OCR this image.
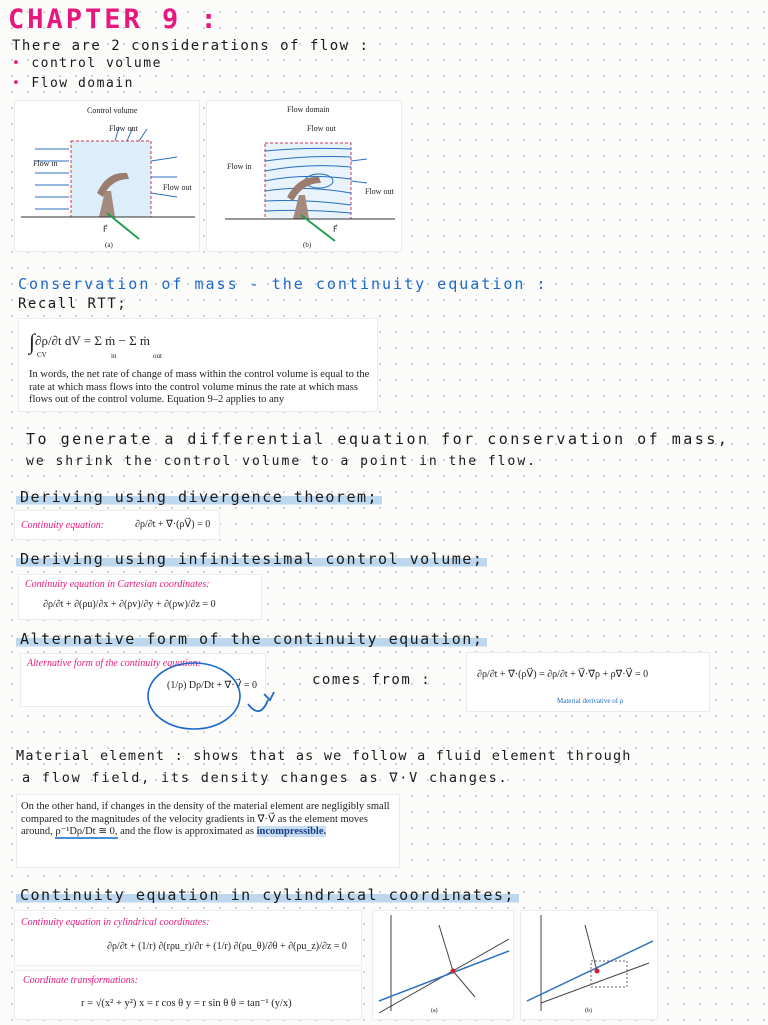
CHAPTER 9 :
There are 2 considerations of flow :
• control volume
• Flow domain
Control volume
Flow out
Flow in
Flow out
F⃗
(a)
Flow domain
Flow out
Flow in
Flow out
F⃗
(b)
Conservation of mass - the continuity equation :
Recall RTT;
∫∂ρ/∂t dV = Σ ṁ − Σ ṁ
CV	in	out
In words, the net rate of change of mass within the control volume is equal to the rate at which mass flows into the control volume minus the rate at which mass flows out of the control volume. Equation 9–2 applies to any
To generate a differential equation for conservation of mass,
we shrink the control volume to a point in the flow.
Deriving using divergence theorem;
Continuity equation:	∂ρ/∂t + ∇⃗·(ρV⃗) = 0
Deriving using infinitesimal control volume;
Continuity equation in Cartesian coordinates:
∂ρ/∂t + ∂(ρu)/∂x + ∂(ρv)/∂y + ∂(ρw)/∂z = 0
Alternative form of the continuity equation;
Alternative form of the continuity equation:
(1/ρ) Dρ/Dt + ∇⃗·V⃗ = 0	comes from :	∂ρ/∂t + ∇⃗·(ρV⃗) = ∂ρ/∂t + V⃗·∇⃗ρ + ρ∇⃗·V⃗ = 0
Material derivative of ρ
Material element : shows that as we follow a fluid element through
a flow field, its density changes as ∇·V changes.
On the other hand, if changes in the density of the material element are negligibly small compared to the magnitudes of the velocity gradients in ∇⃗·V⃗ as the element moves around, ρ⁻¹Dρ/Dt ≅ 0, and the flow is approximated as incompressible.
Continuity equation in cylindrical coordinates;
Continuity equation in cylindrical coordinates:
∂ρ/∂t + (1/r) ∂(rρu_r)/∂r + (1/r) ∂(ρu_θ)/∂θ + ∂(ρu_z)/∂z = 0
Coordinate transformations:
r = √(x² + y²) x = r cos θ y = r sin θ θ = tan⁻¹ (y/x)
(a)	(b)
